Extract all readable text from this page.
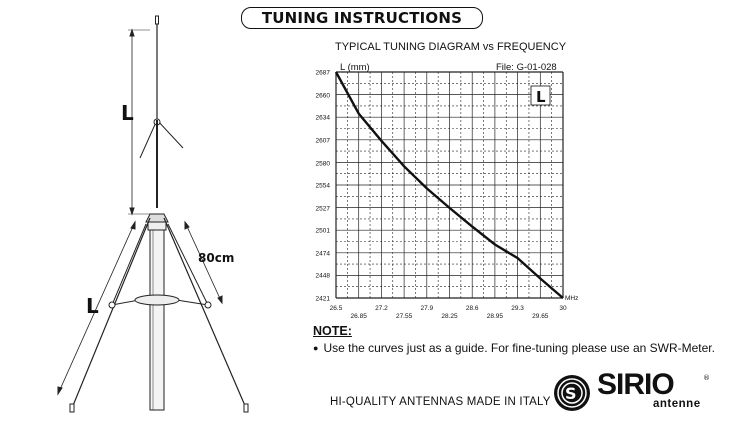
TUNING INSTRUCTIONS
L
L
80cm
TYPICAL TUNING DIAGRAM vs FREQUENCY
L (mm)	File: G-01-028
2687
2660
2634
2607
2580
2554
2527
2501
2474
2448
2421
26.5	27.2	27.9	28.6	29.3	30
26.85	27.55	28.25	28.95	29.65
L
MHz
NOTE:
● Use the curves just as a guide. For fine-tuning please use an SWR-Meter.
HI-QUALITY ANTENNAS MADE IN ITALY S SIRIO	®
antenne
